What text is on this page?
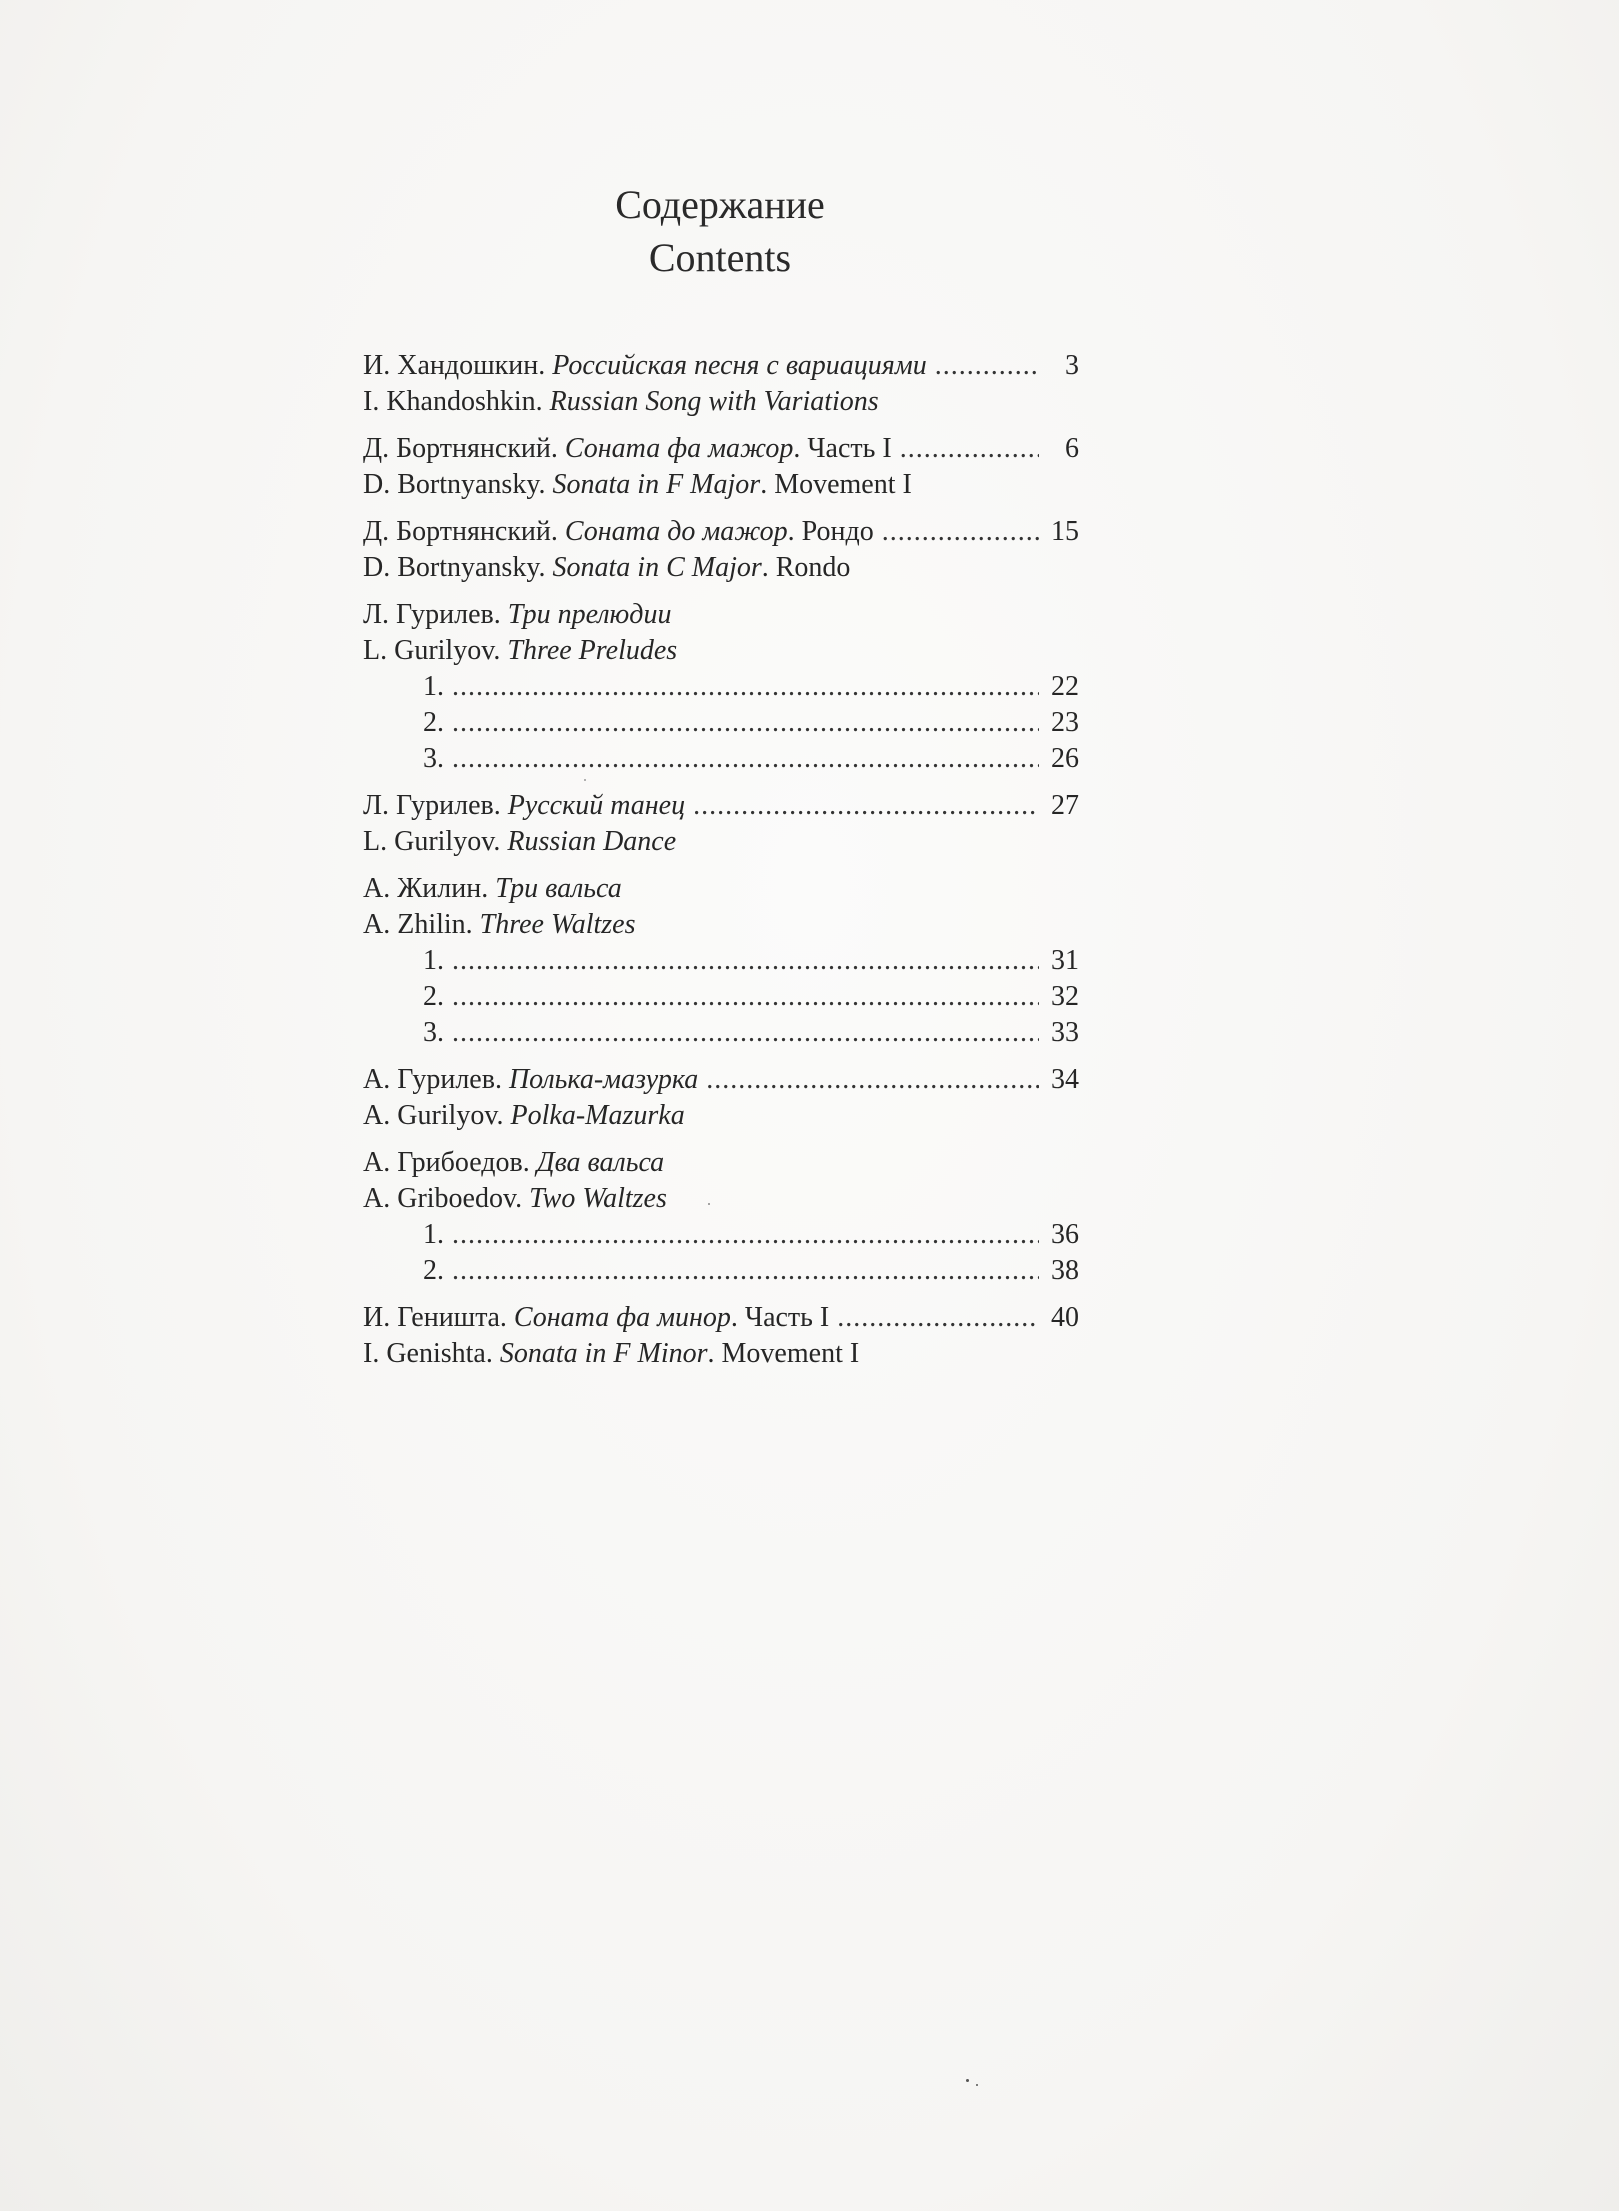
Содержание
Contents
И. Хандошкин. Российская песня с вариациями .....	3
I. Khandoshkin. Russian Song with Variations
Д. Бортнянский. Соната фа мажор. Часть I .....	6
D. Bortnyansky. Sonata in F Major. Movement I
Д. Бортнянский. Соната до мажор. Рондо .....	15
D. Bortnyansky. Sonata in C Major. Rondo
Л. Гурилев. Три прелюдии
L. Gurilyov. Three Preludes
1. .....	22
2. .....	23
3. .....	26
Л. Гурилев. Русский танец .....	27
L. Gurilyov. Russian Dance
А. Жилин. Три вальса
A. Zhilin. Three Waltzes
1. .....	31
2. .....	32
3. .....	33
А. Гурилев. Полька-мазурка .....	34
A. Gurilyov. Polka-Mazurka
А. Грибоедов. Два вальса
A. Griboedov. Two Waltzes
1. .....	36
2. .....	38
И. Геништa. Соната фа минор. Часть I .....	40
I. Genishta. Sonata in F Minor. Movement I
